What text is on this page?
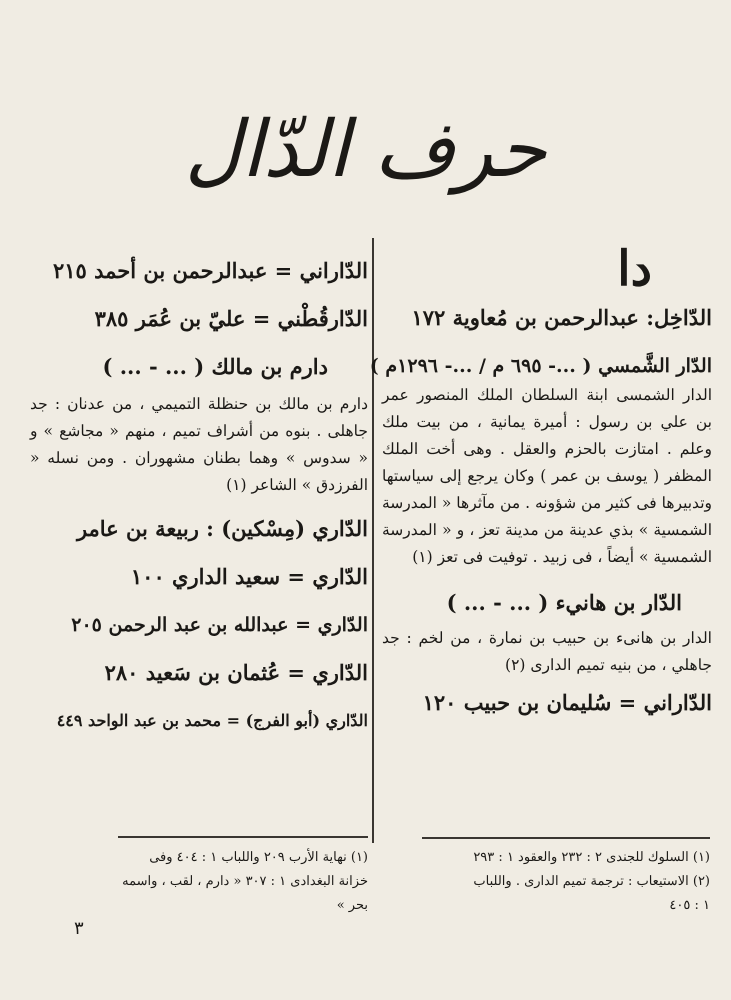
حرف الدّال
دا
الدّاخِل: عبدالرحمن بن مُعاوية ١٧٢
الدّار الشَّمسي ( ...- ٦٩٥ م / ...- ١٢٩٦م )
الدار الشمسى ابنة السلطان الملك المنصور عمر بن علي بن رسول : أميرة يمانية ، من بيت ملك وعلم . امتازت بالحزم والعقل . وهى أخت الملك المظفر ( يوسف بن عمر ) وكان يرجع إلى سياستها وتدبيرها فى كثير من شؤونه . من مآثرها « المدرسة الشمسية » بذي عدينة من مدينة تعز ، و « المدرسة الشمسية » أيضاً ، فى زبيد . توفيت فى تعز (١)
الدّار بن هانيء ( ... - ... )
الدار بن هانىء بن حبيب بن نمارة ، من لخم : جد جاهلي ، من بنيه تميم الدارى (٢)
الدّاراني = سُليمان بن حبيب ١٢٠
الدّاراني = عبدالرحمن بن أحمد ٢١٥
الدّارقُطْني = عليّ بن عُمَر ٣٨٥
دارم بن مالك ( ... - ... )
دارم بن مالك بن حنظلة التميمي ، من عدنان : جد جاهلى . بنوه من أشراف تميم ، منهم « مجاشع » و « سدوس » وهما بطنان مشهوران . ومن نسله « الفرزدق » الشاعر (١)
الدّاري (مِسْكين) : ربيعة بن عامر
الدّاري = سعيد الداري ١٠٠
الدّاري = عبدالله بن عبد الرحمن ٢٠٥
الدّاري = عُثمان بن سَعيد ٢٨٠
الدّاري (أبو الفرج) = محمد بن عبد الواحد ٤٤٩
(١) السلوك للجندى ٢ : ٢٣٢ والعقود ١ : ٢٩٣
(٢) الاستيعاب : ترجمة تميم الدارى . واللباب
١ : ٤٠٥
(١) نهاية الأرب ٢٠٩ واللباب ١ : ٤٠٤ وفى
خزانة البغدادى ١ : ٣٠٧ « دارم ، لقب ، واسمه
بحر »
٣
